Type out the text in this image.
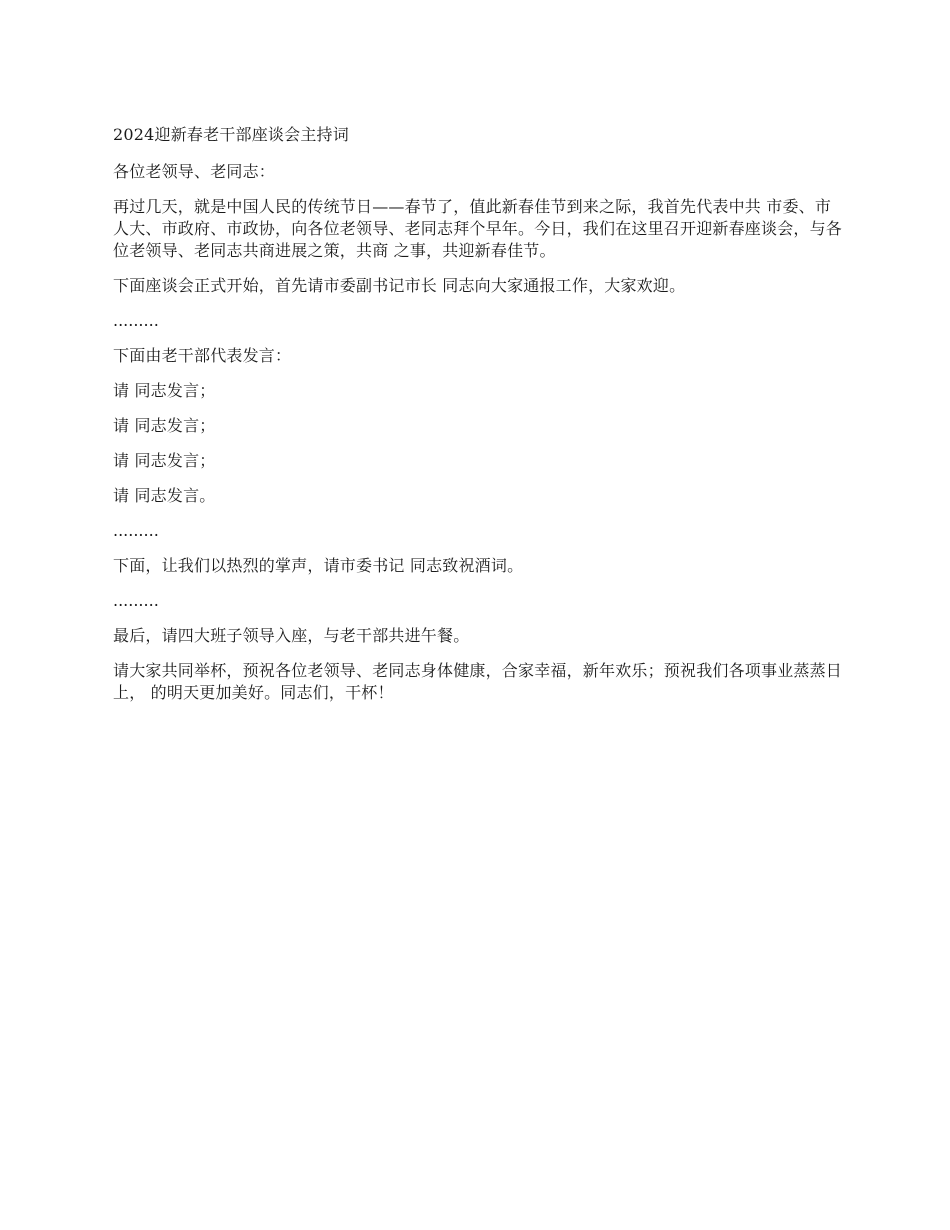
2024迎新春老干部座谈会主持词

各位老领导、老同志：

再过几天，就是中国人民的传统节日——春节了，值此新春佳节到来之际，我首先代表中共 市委、市人大、市政府、市政协，向各位老领导、老同志拜个早年。今日，我们在这里召开迎新春座谈会，与各位老领导、老同志共商进展之策，共商 之事，共迎新春佳节。

下面座谈会正式开始，首先请市委副书记市长 同志向大家通报工作，大家欢迎。

.........

下面由老干部代表发言：

请 同志发言；

请 同志发言；

请 同志发言；

请 同志发言。

.........

下面，让我们以热烈的掌声，请市委书记 同志致祝酒词。

.........

最后，请四大班子领导入座，与老干部共进午餐。

请大家共同举杯，预祝各位老领导、老同志身体健康，合家幸福，新年欢乐；预祝我们各项事业蒸蒸日上， 的明天更加美好。同志们，干杯！
